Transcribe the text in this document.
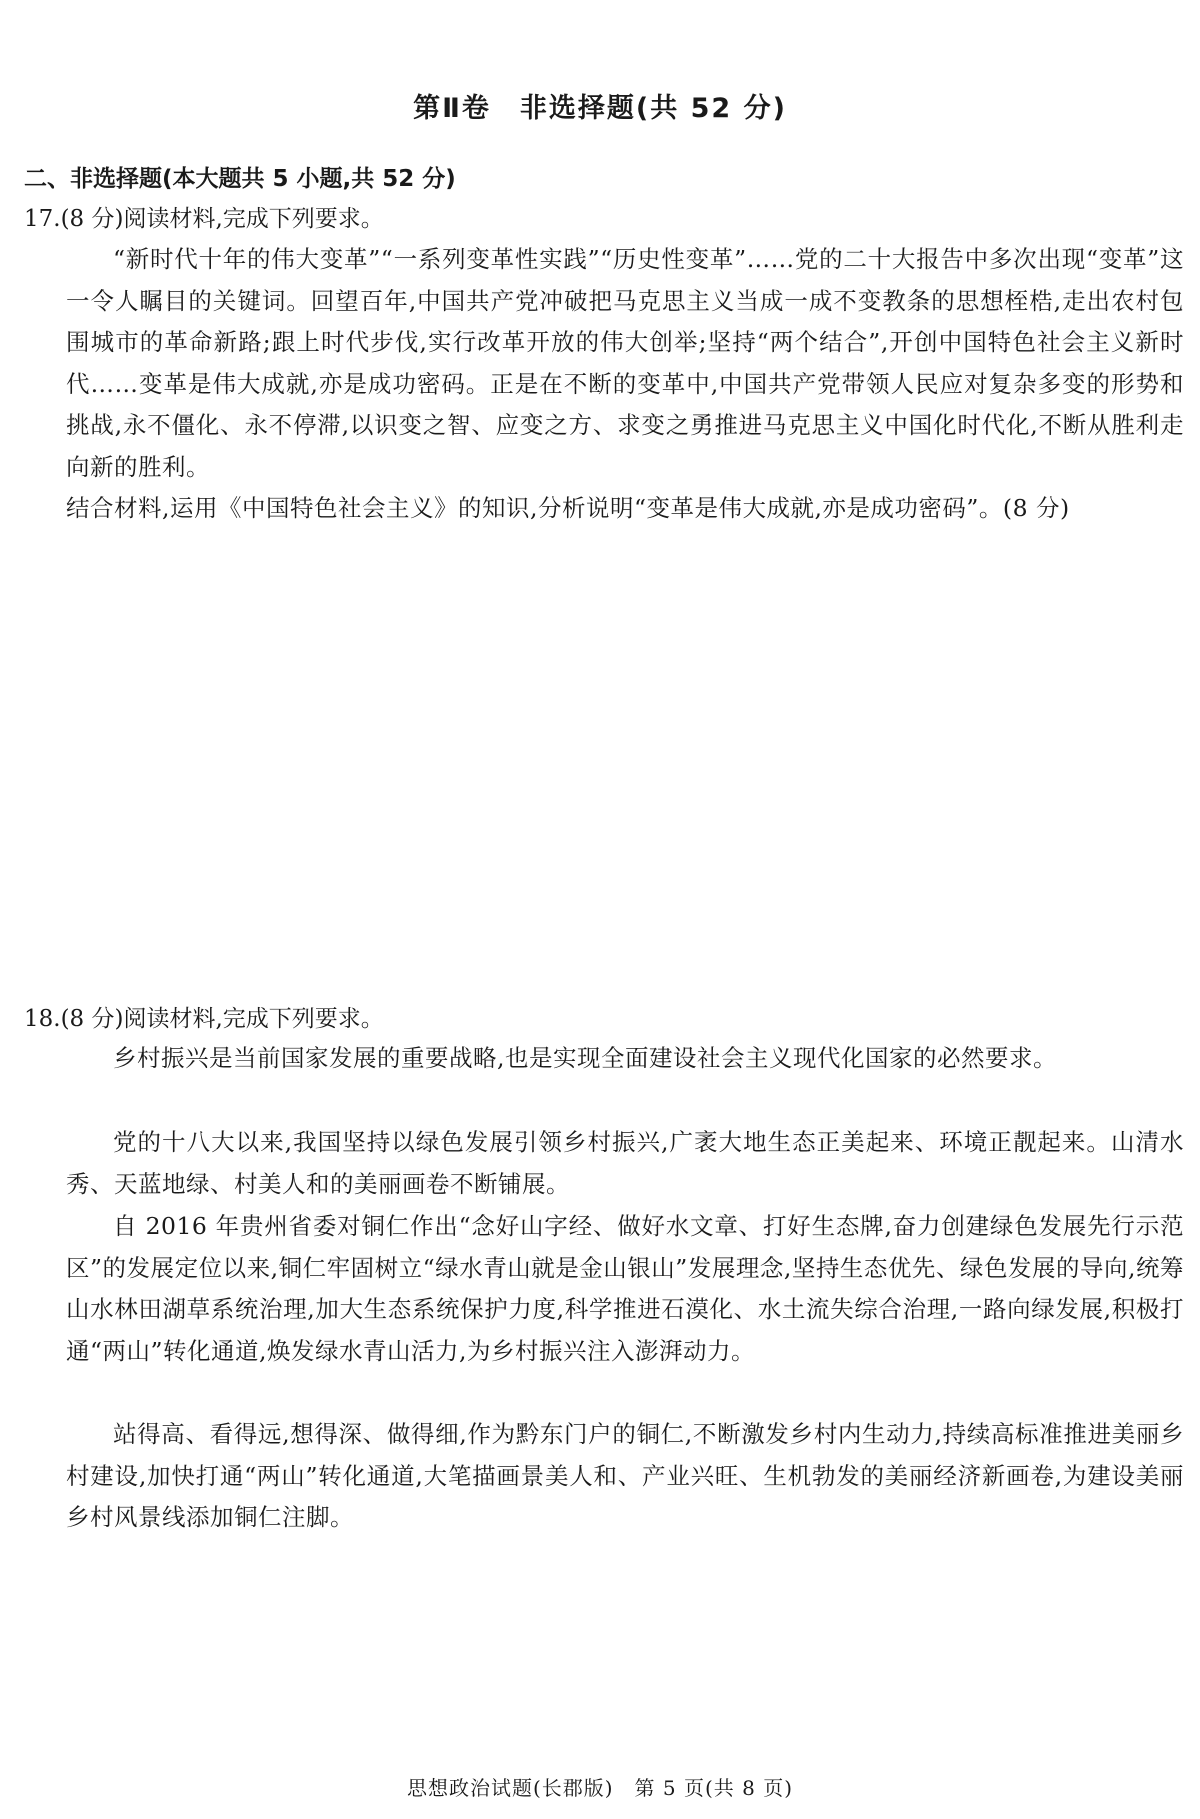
第Ⅱ卷　非选择题(共 52 分)
二、非选择题(本大题共 5 小题,共 52 分)
17.(8 分)阅读材料,完成下列要求。
“新时代十年的伟大变革”“一系列变革性实践”“历史性变革”……党的二十大报告中多次出现“变革”这一令人瞩目的关键词。回望百年,中国共产党冲破把马克思主义当成一成不变教条的思想桎梏,走出农村包围城市的革命新路;跟上时代步伐,实行改革开放的伟大创举;坚持“两个结合”,开创中国特色社会主义新时代……变革是伟大成就,亦是成功密码。正是在不断的变革中,中国共产党带领人民应对复杂多变的形势和挑战,永不僵化、永不停滞,以识变之智、应变之方、求变之勇推进马克思主义中国化时代化,不断从胜利走向新的胜利。
结合材料,运用《中国特色社会主义》的知识,分析说明“变革是伟大成就,亦是成功密码”。(8 分)
18.(8 分)阅读材料,完成下列要求。
乡村振兴是当前国家发展的重要战略,也是实现全面建设社会主义现代化国家的必然要求。
党的十八大以来,我国坚持以绿色发展引领乡村振兴,广袤大地生态正美起来、环境正靓起来。山清水秀、天蓝地绿、村美人和的美丽画卷不断铺展。
自 2016 年贵州省委对铜仁作出“念好山字经、做好水文章、打好生态牌,奋力创建绿色发展先行示范区”的发展定位以来,铜仁牢固树立“绿水青山就是金山银山”发展理念,坚持生态优先、绿色发展的导向,统筹山水林田湖草系统治理,加大生态系统保护力度,科学推进石漠化、水土流失综合治理,一路向绿发展,积极打通“两山”转化通道,焕发绿水青山活力,为乡村振兴注入澎湃动力。
站得高、看得远,想得深、做得细,作为黔东门户的铜仁,不断激发乡村内生动力,持续高标准推进美丽乡村建设,加快打通“两山”转化通道,大笔描画景美人和、产业兴旺、生机勃发的美丽经济新画卷,为建设美丽乡村风景线添加铜仁注脚。
思想政治试题(长郡版)　第 5 页(共 8 页)
